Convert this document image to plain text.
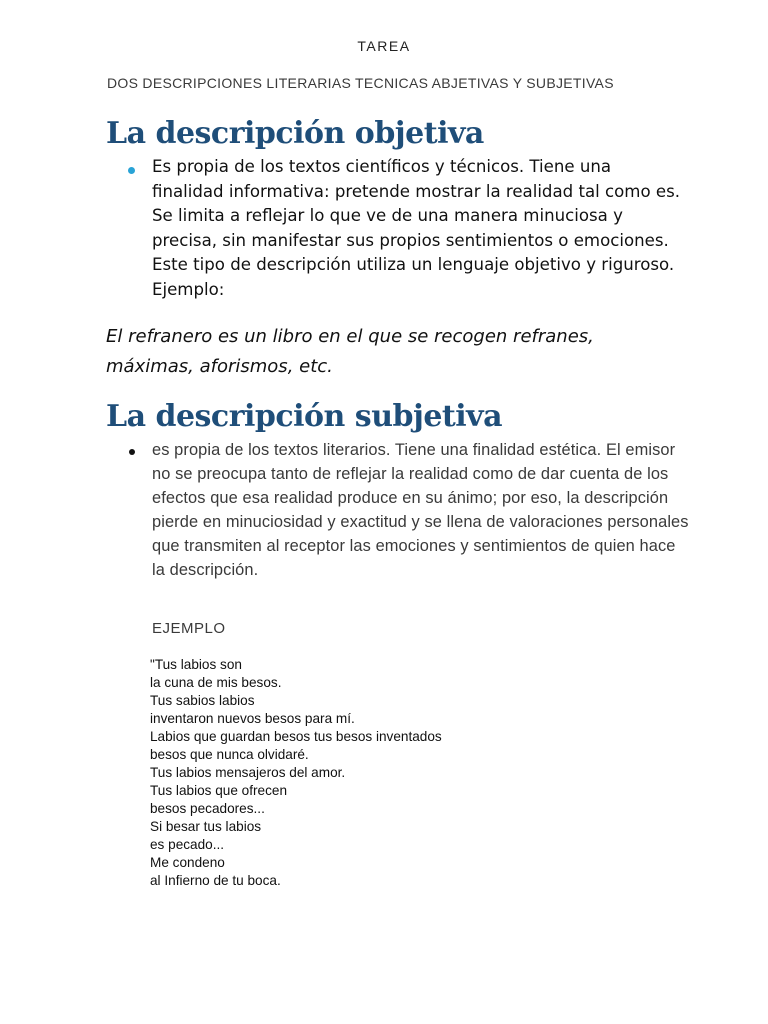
TAREA
DOS DESCRIPCIONES LITERARIAS TECNICAS ABJETIVAS Y SUBJETIVAS
La descripción objetiva
Es propia de los textos científicos y técnicos. Tiene una finalidad informativa: pretende mostrar la realidad tal como es. Se limita a reflejar lo que ve de una manera minuciosa y precisa, sin manifestar sus propios sentimientos o emociones. Este tipo de descripción utiliza un lenguaje objetivo y riguroso. Ejemplo:
El refranero es un libro en el que se recogen refranes, máximas, aforismos, etc.
La descripción subjetiva
es propia de los textos literarios. Tiene una finalidad estética. El emisor no se preocupa tanto de reflejar la realidad como de dar cuenta de los efectos que esa realidad produce en su ánimo; por eso, la descripción pierde en minuciosidad y exactitud y se llena de valoraciones personales que transmiten al receptor las emociones y sentimientos de quien hace la descripción.
EJEMPLO
"Tus labios son
la cuna de mis besos.
Tus sabios labios
inventaron nuevos besos para mí.
Labios que guardan besos tus besos inventados
besos que nunca olvidaré.
Tus labios mensajeros del amor.
Tus labios que ofrecen
besos pecadores...
Si besar tus labios
es pecado...
Me condeno
al Infierno de tu boca.
